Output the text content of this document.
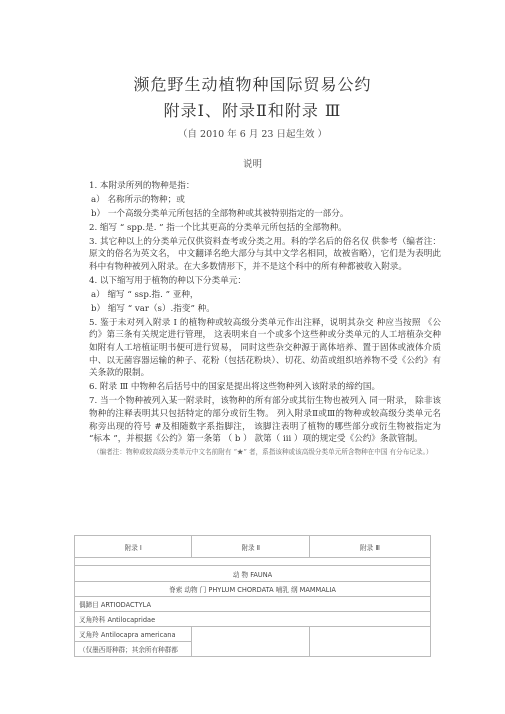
濒危野生动植物种国际贸易公约
附录Ⅰ、附录Ⅱ和附录 Ⅲ
（自 2010 年 6 月 23 日起生效 ）
说明

1. 本附录所列的物种是指：

a） 名称所示的物种；或

b） 一个高级分类单元所包括的全部物种或其被特别指定的一部分。

2. 缩写 “ spp.是. ” 指一个比其更高的分类单元所包括的全部物种。

3. 其它种以上的分类单元仅供资料查考或分类之用。科的学名后的俗名仅 供参考（编者注：原文的俗名为英文名， 中文翻译名绝大部分与其中文学名相同，故被省略），它们是为表明此科中有物种被列入附录。在大多数情形下，并不是这个科中的所有种都被收入附录。

4. 以下缩写用于植物的种以下分类单元：

a） 缩写 “ ssp.指. ” 亚种，

b） 缩写 “ var（s）.指变” 种。

5. 鉴于未对列入附录 I 的植物种或较高级分类单元作出注释，说明其杂交 种应当按照 《公约》第三条有关规定进行管理， 这表明来自一个或多个这些种或分类单元的人工培植杂交种如附有人工培植证明书便可进行贸易， 同时这些杂交种源于离体培养、置于固体或液体介质中、以无菌容器运输的种子、花粉（包括花粉块）、切花、幼苗或组织培养物不受《公约》有关条款的限制。

6. 附录 Ⅲ 中物种名后括号中的国家是提出将这些物种列入该附录的缔约国。

7. 当一个物种被列入某一附录时，该物种的所有部分或其衍生物也被列入 同一附录， 除非该物种的注释表明其只包括特定的部分或衍生物。 列入附录Ⅱ或Ⅲ的物种或较高级分类单元名称旁出现的符号 #及相随数字系指脚注， 该脚注表明了植物的哪些部分或衍生物被指定为 “标本 ”，并根据《公约》第一条第 （ b ） 款第（ iii ）项的规定受《公约》条款管制。

（编者注：物种或较高级分类单元中文名前附有 “★” 者，系指该种或该高级分类单元所含物种在中国 有分布记录。）

附录 Ⅰ	附录 Ⅱ	附录 Ⅲ

动 物 FAUNA		
脊索 动物 门 PHYLUM CHORDATA 哺乳 纲 MAMMALIA		
偶蹄目 ARTIODACTYLA		
叉角羚科 Antilocapridae		
叉角羚 Antilocapra americana		
（仅墨西哥种群；其余所有种群都		
